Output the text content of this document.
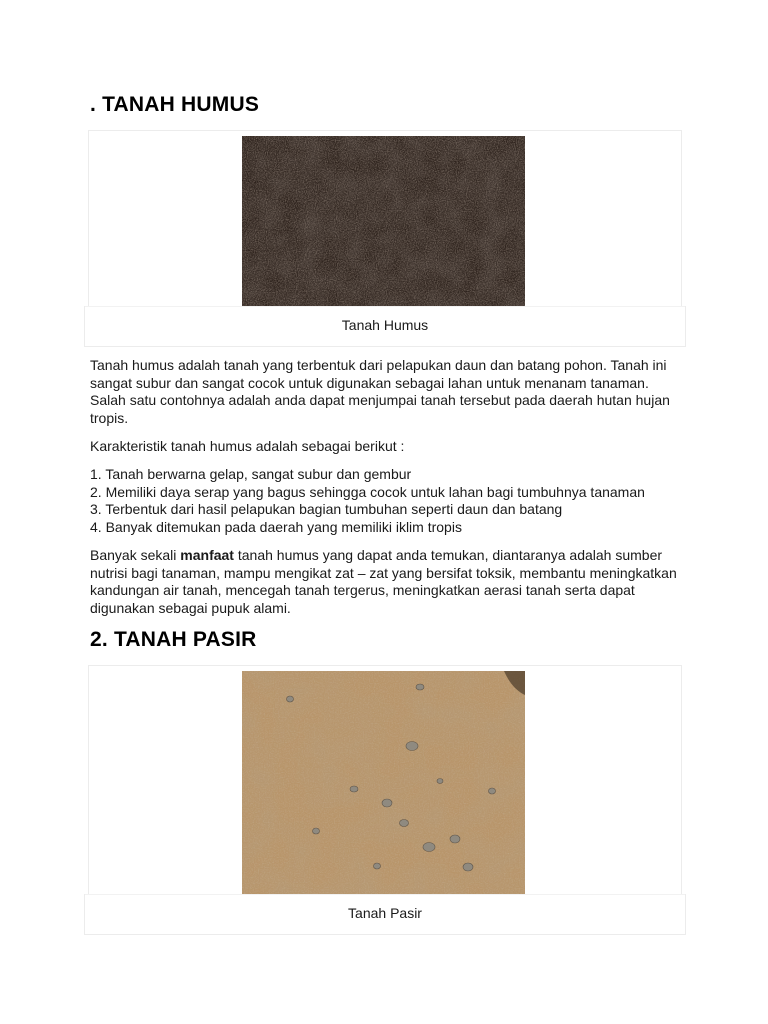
. TANAH HUMUS
Tanah Humus

Tanah humus adalah tanah yang terbentuk dari pelapukan daun dan batang pohon. Tanah ini sangat subur dan sangat cocok untuk digunakan sebagai lahan untuk menanam tanaman. Salah satu contohnya adalah anda dapat menjumpai tanah tersebut pada daerah hutan hujan tropis.

Karakteristik tanah humus adalah sebagai berikut :

1. Tanah berwarna gelap, sangat subur dan gembur
2. Memiliki daya serap yang bagus sehingga cocok untuk lahan bagi tumbuhnya tanaman
3. Terbentuk dari hasil pelapukan bagian tumbuhan seperti daun dan batang
4. Banyak ditemukan pada daerah yang memiliki iklim tropis

Banyak sekali manfaat tanah humus yang dapat anda temukan, diantaranya adalah sumber nutrisi bagi tanaman, mampu mengikat zat – zat yang bersifat toksik, membantu meningkatkan kandungan air tanah, mencegah tanah tergerus, meningkatkan aerasi tanah serta dapat digunakan sebagai pupuk alami.

2. TANAH PASIR
Tanah Pasir
